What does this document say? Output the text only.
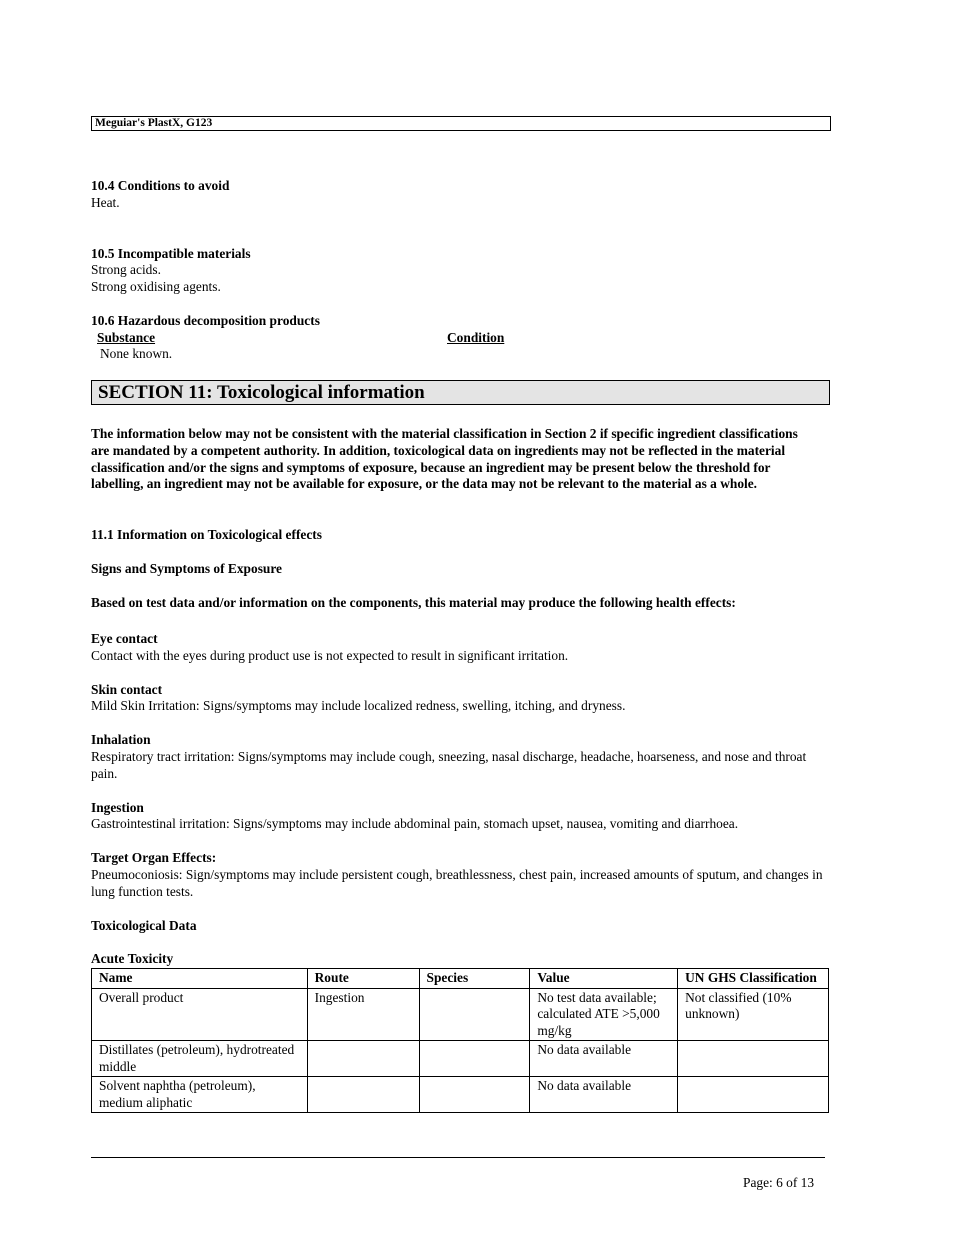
Meguiar's PlastX, G123
10.4 Conditions to avoid
Heat.
10.5 Incompatible materials
Strong acids.
Strong oxidising agents.
10.6 Hazardous decomposition products
Substance	Condition
None known.
SECTION 11: Toxicological information
The information below may not be consistent with the material classification in Section 2 if specific ingredient classifications are mandated by a competent authority. In addition, toxicological data on ingredients may not be reflected in the material classification and/or the signs and symptoms of exposure, because an ingredient may be present below the threshold for labelling, an ingredient may not be available for exposure, or the data may not be relevant to the material as a whole.
11.1 Information on Toxicological effects
Signs and Symptoms of Exposure
Based on test data and/or information on the components, this material may produce the following health effects:
Eye contact
Contact with the eyes during product use is not expected to result in significant irritation.
Skin contact
Mild Skin Irritation: Signs/symptoms may include localized redness, swelling, itching, and dryness.
Inhalation
Respiratory tract irritation: Signs/symptoms may include cough, sneezing, nasal discharge, headache, hoarseness, and nose and throat pain.
Ingestion
Gastrointestinal irritation: Signs/symptoms may include abdominal pain, stomach upset, nausea, vomiting and diarrhoea.
Target Organ Effects:
Pneumoconiosis: Sign/symptoms may include persistent cough, breathlessness, chest pain, increased amounts of sputum, and changes in lung function tests.
Toxicological Data
Acute Toxicity
Name	Route	Species	Value	UN GHS Classification
Overall product	Ingestion		No test data available; calculated ATE >5,000 mg/kg	Not classified (10% unknown)
Distillates (petroleum), hydrotreated middle			No data available	
Solvent naphtha (petroleum), medium aliphatic			No data available	
Page: 6 of 13
